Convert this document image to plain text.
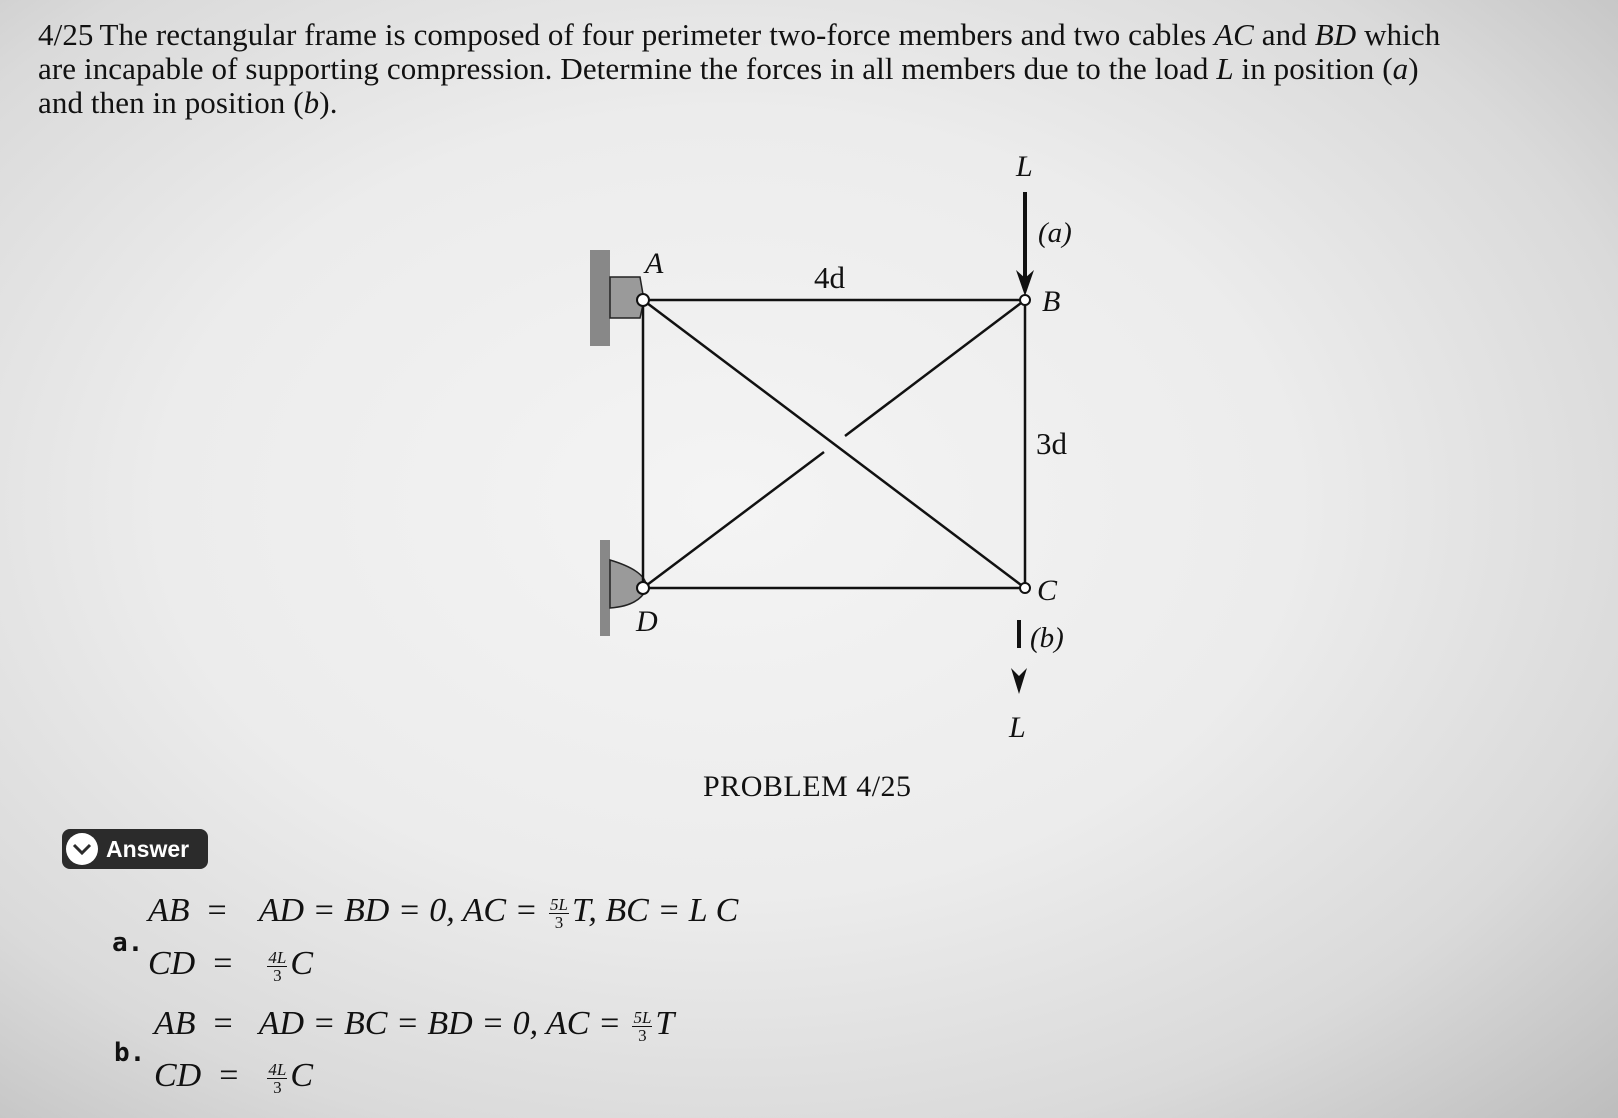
4/25 The rectangular frame is composed of four perimeter two-force members and two cables AC and BD which
are incapable of supporting compression. Determine the forces in all members due to the load L in position (a)
and then in position (b).
A
B
C
D
4d
3d
L
(a)
(b)
L
PROBLEM 4/25
Answer
a.
AB = AD = BD = 0, AC = $\frac{5L}{3} T$, BC = L C
CD = $\frac{4L}{3}$ C
b.
AB = AD = BC = BD = 0, AC = $\frac{5L}{3}$ T
CD = $\frac{4L}{3}$ C
